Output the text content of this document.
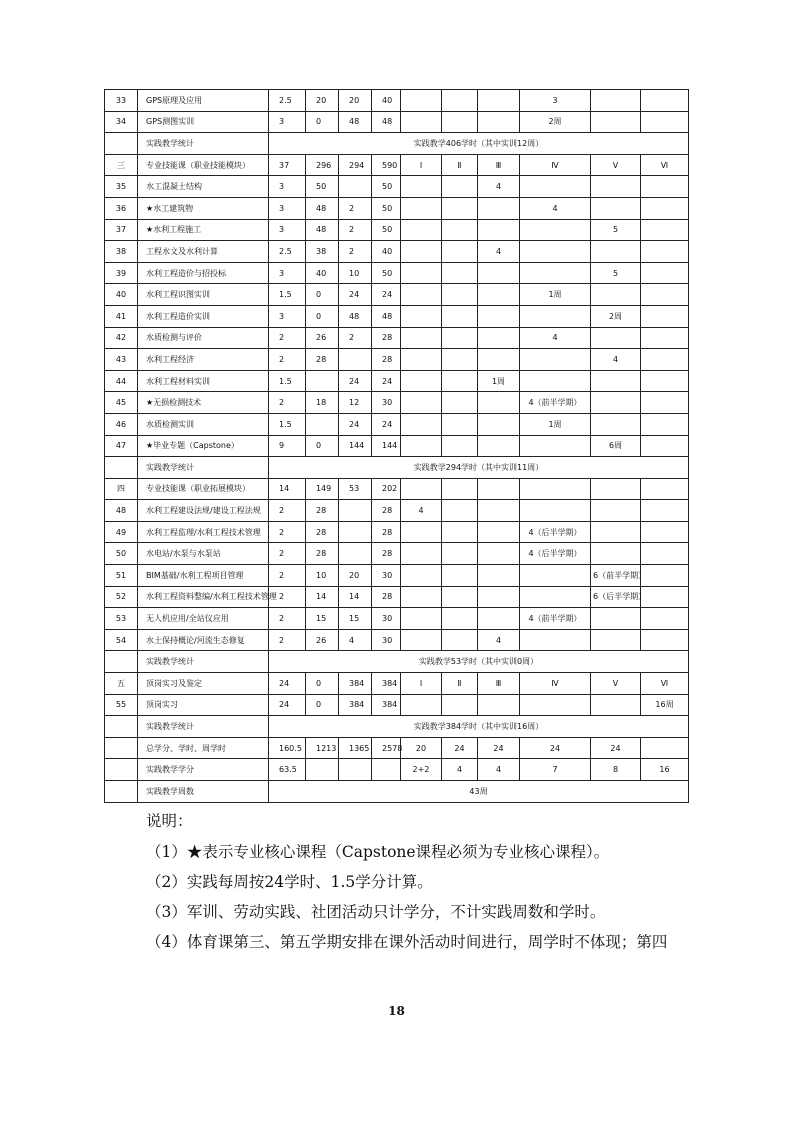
33	GPS原理及应用	2.5	20	20	40				3		
34	GPS测图实训	3	0	48	48				2周		
	实践教学统计	实践教学406学时（其中实训12周）									
三	专业技能课（职业技能模块）	37	296	294	590	Ⅰ	Ⅱ	Ⅲ	Ⅳ	Ⅴ	Ⅵ
35	水工混凝土结构	3	50		50			4			
36	★水工建筑物	3	48	2	50				4		
37	★水利工程施工	3	48	2	50					5	
38	工程水文及水利计算	2.5	38	2	40			4			
39	水利工程造价与招投标	3	40	10	50					5	
40	水利工程识图实训	1.5	0	24	24				1周		
41	水利工程造价实训	3	0	48	48					2周	
42	水质检测与评价	2	26	2	28				4		
43	水利工程经济	2	28		28					4	
44	水利工程材料实训	1.5		24	24			1周			
45	★无损检测技术	2	18	12	30				4（前半学期）		
46	水质检测实训	1.5		24	24				1周		
47	★毕业专题（Capstone）	9	0	144	144					6周	
	实践教学统计	实践教学294学时（其中实训11周）									
四	专业技能课（职业拓展模块）	14	149	53	202						
48	水利工程建设法规/建设工程法规	2	28		28	4					
49	水利工程监理/水利工程技术管理	2	28		28				4（后半学期）		
50	水电站/水泵与水泵站	2	28		28				4（后半学期）		
51	BIM基础/水利工程项目管理	2	10	20	30					6（前半学期）	
52	水利工程资料整编/水利工程技术管理	2	14	14	28					6（后半学期）	
53	无人机应用/全站仪应用	2	15	15	30				4（前半学期）		
54	水土保持概论/河流生态修复	2	26	4	30			4			
	实践教学统计	实践教学53学时（其中实训0周）									
五	顶岗实习及鉴定	24	0	384	384	Ⅰ	Ⅱ	Ⅲ	Ⅳ	Ⅴ	Ⅵ
55	顶岗实习	24	0	384	384						16周
	实践教学统计	实践教学384学时（其中实训16周）									
	总学分、学时、周学时	160.5	1213	1365	2578	20	24	24	24	24	
	实践教学学分	63.5				2+2	4	4	7	8	16
	实践教学周数	43周									

说明：

（1）★表示专业核心课程（Capstone课程必须为专业核心课程）。

（2）实践每周按24学时、1.5学分计算。

（3）军训、劳动实践、社团活动只计学分，不计实践周数和学时。

（4）体育课第三、第五学期安排在课外活动时间进行，周学时不体现；第四

18
